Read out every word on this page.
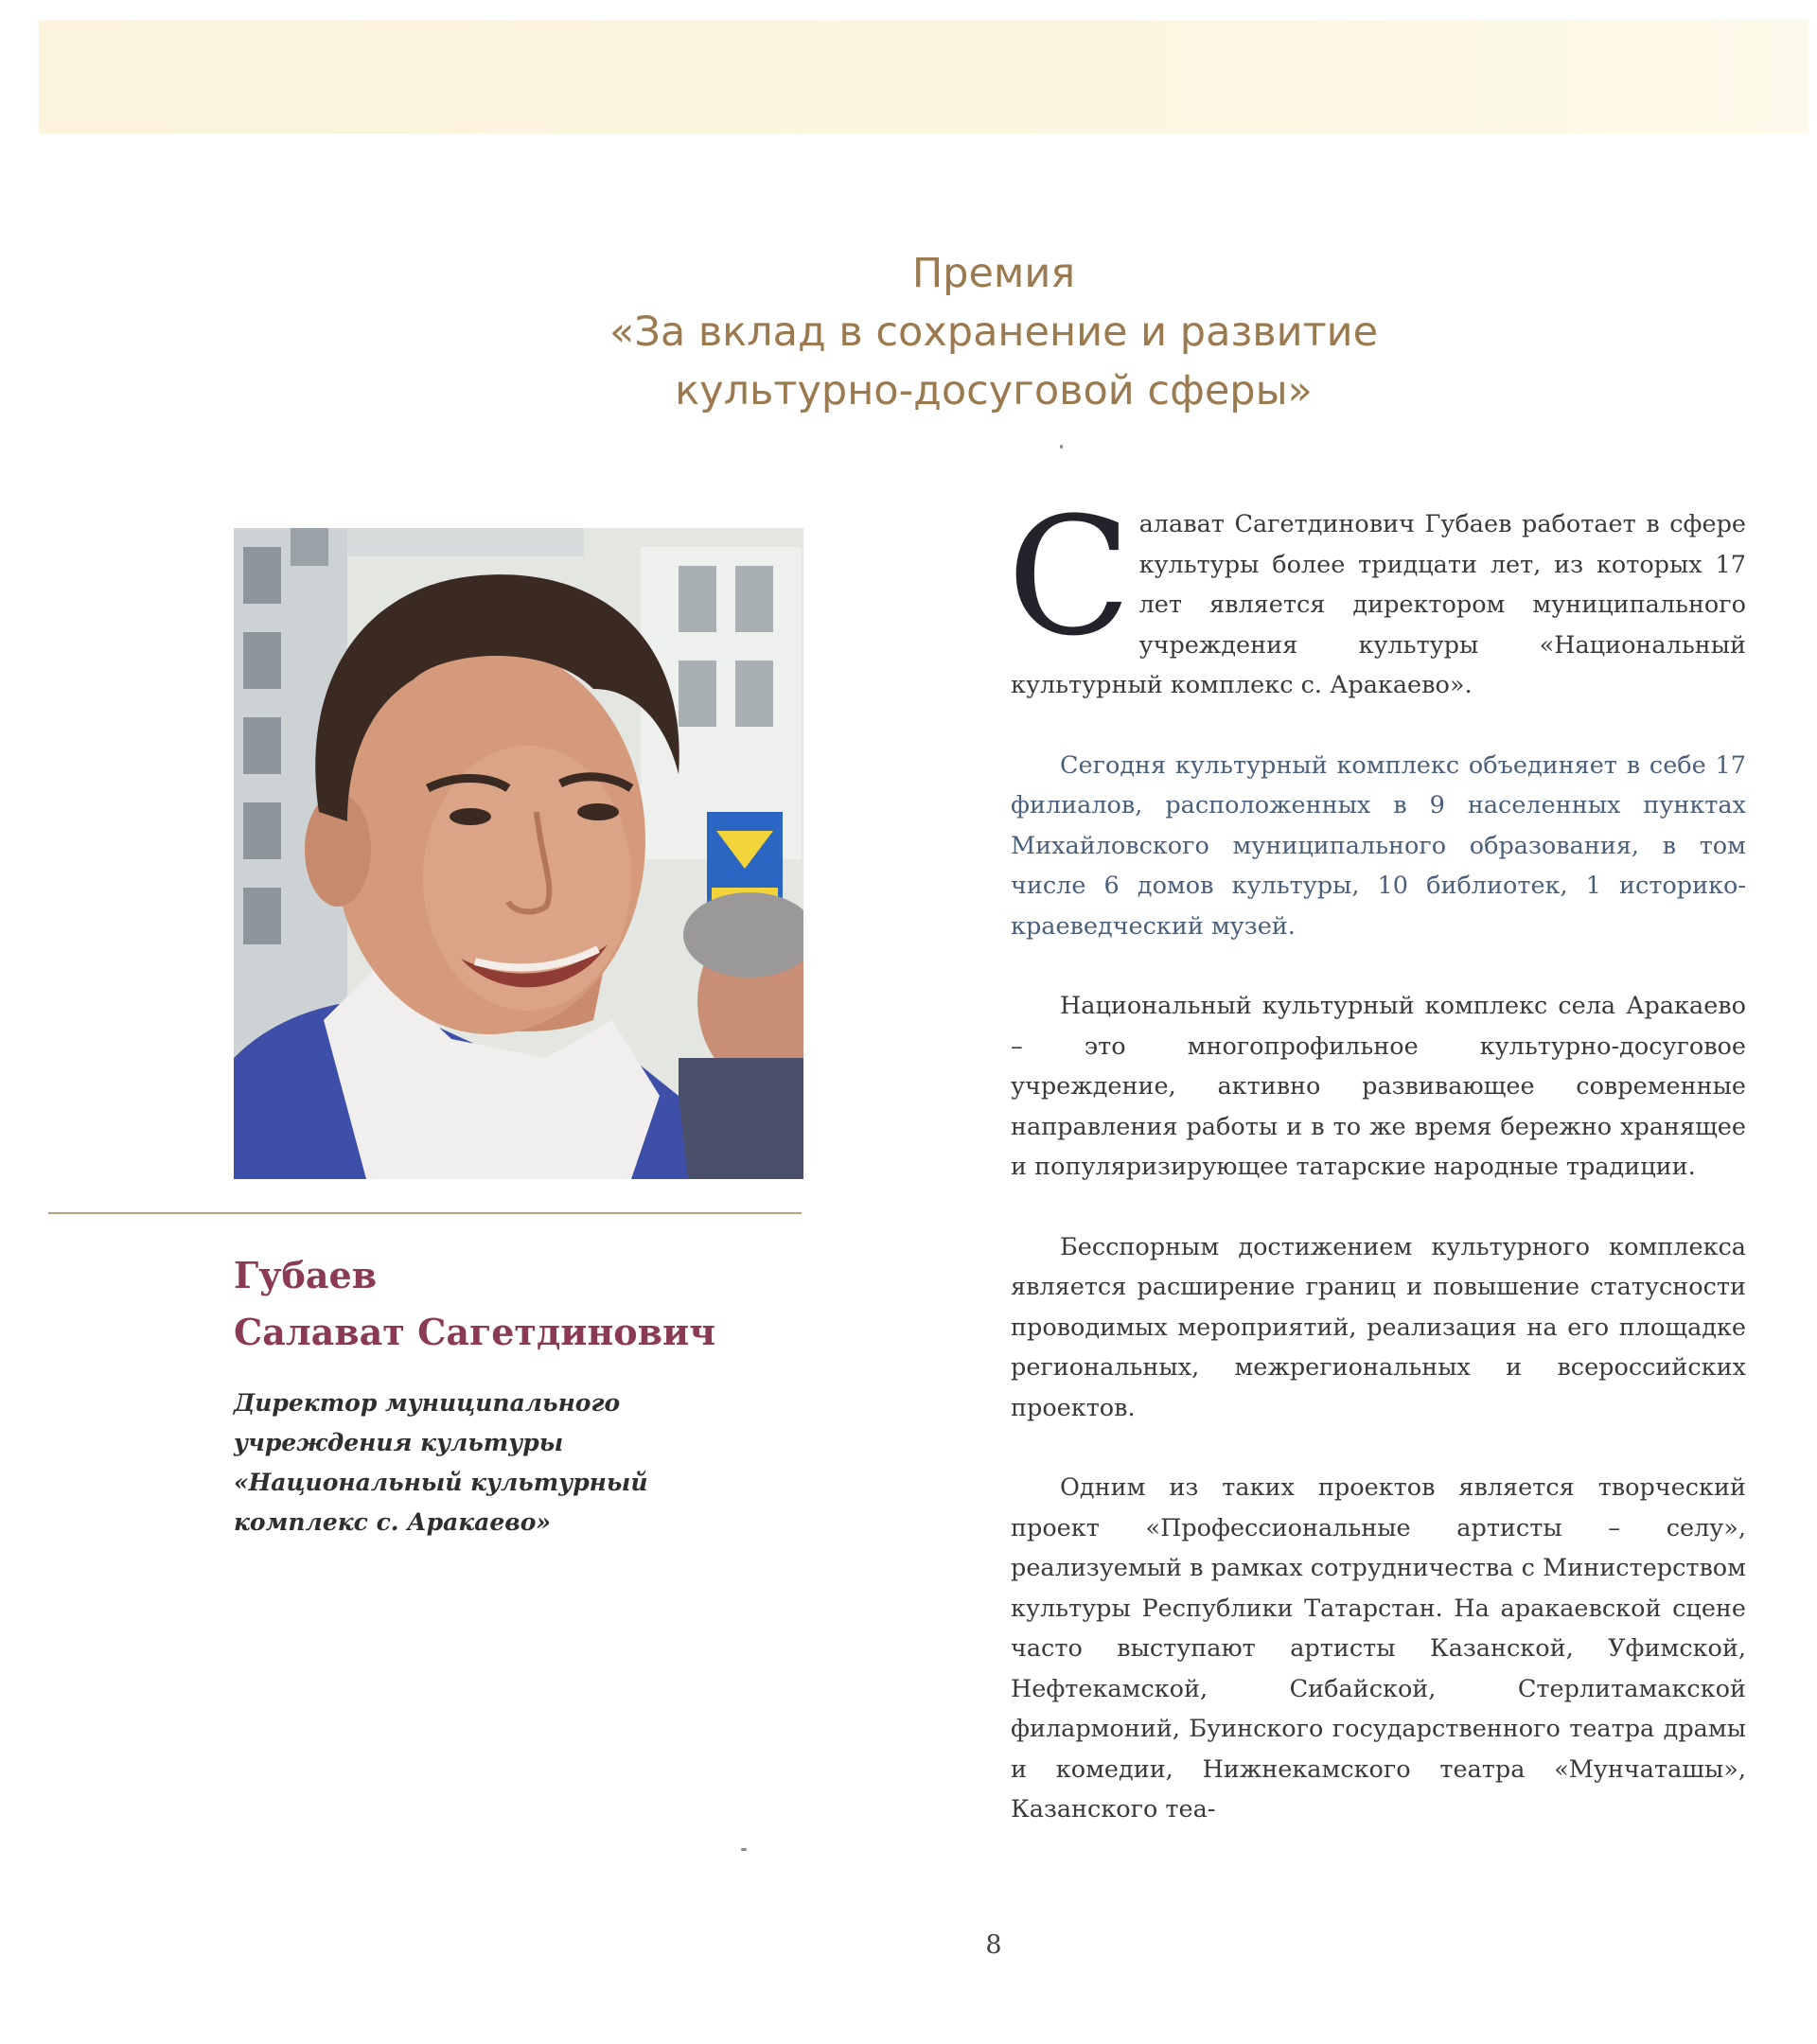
Премия
«За вклад в сохранение и развитие
культурно-досуговой сферы»
Губаев
Салават Сагетдинович
Директор муниципального
учреждения культуры
«Национальный культурный
комплекс с. Аракаево»

Салават Сагетдинович Губаев работает в сфере культуры более тридцати лет, из которых 17 лет является директором муниципального учреждения культуры «Национальный культурный комплекс с. Аракаево».

Сегодня культурный комплекс объединяет в себе 17 филиалов, расположенных в 9 населенных пунктах Михайловского муниципального образования, в том числе 6 домов культуры, 10 библиотек, 1 историко-краеведческий музей.

Национальный культурный комплекс села Аракаево – это многопрофильное культурно-досуговое учреждение, активно развивающее современные направления работы и в то же время бережно хранящее и популяризирующее татарские народные традиции.

Бесспорным достижением культурного комплекса является расширение границ и повышение статусности проводимых мероприятий, реализация на его площадке региональных, межрегиональных и всероссийских проектов.

Одним из таких проектов является творческий проект «Профессиональные артисты – селу», реализуемый в рамках сотрудничества с Министерством культуры Республики Татарстан. На аракаевской сцене часто выступают артисты Казанской, Уфимской, Нефтекамской, Сибайской, Стерлитамакской филармоний, Буинского государственного театра драмы и комедии, Нижнекамского театра «Мунчаташы», Казанского теа-

8
